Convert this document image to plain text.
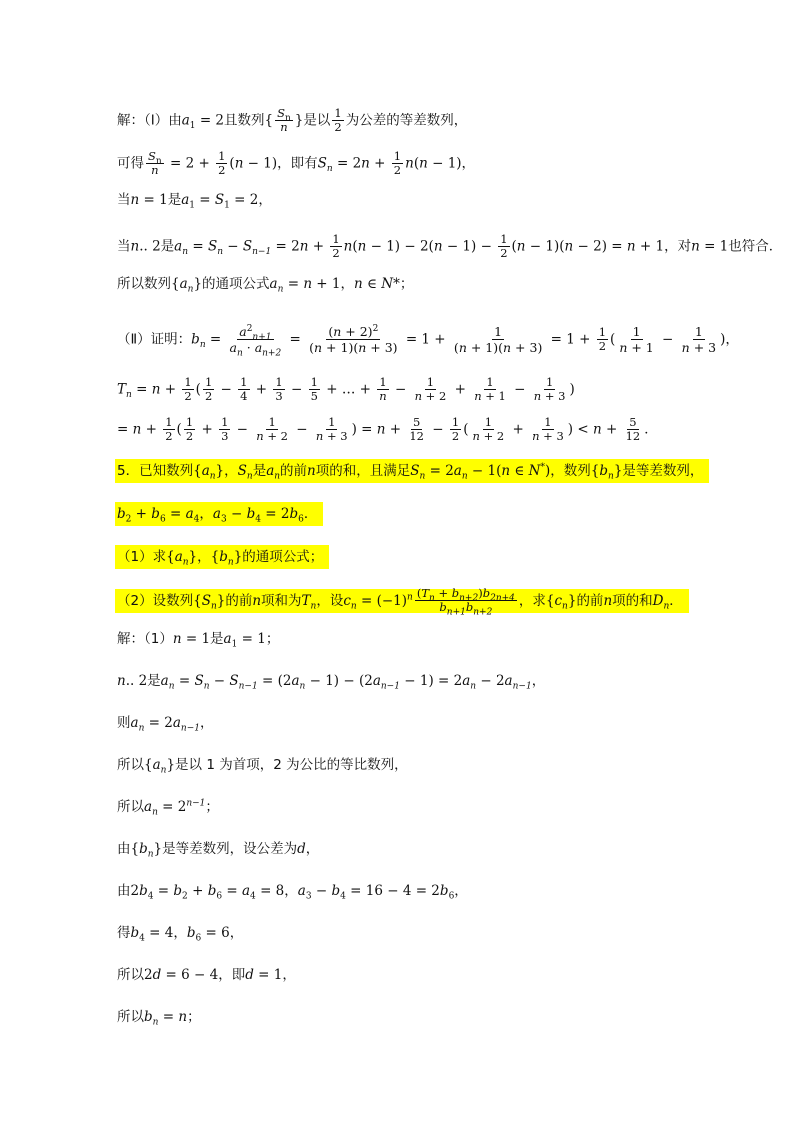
解：（Ⅰ）由$a_1 = 2$且数列{ $\frac{S_n}{n}$ }是以 $\frac{1}{2}$ 为公差的等差数列，
可得 $\frac{S_n}{n} = 2 + \frac{1}{2} (n - 1)$，即有$S_n = 2n + \frac{1}{2} n(n - 1)$，
当n = 1是$a_1 = S_1 = 2$，
当n.. 2是$a_n = S_n - S_{n-1} = 2n + \frac{1}{2} n(n - 1) - 2(n - 1) - \frac{1}{2} (n - 1)(n - 2) = n + 1$，对n = 1也符合．
所以数列$\{a_n\}$的通项公式$a_n = n + 1$，n ∈ N*；
（Ⅱ）证明：$b_n = \frac{a^2_{n+1}}{a_n \cdot a_{n+2}} = \frac{(n + 2)^2}{(n + 1)(n + 3)} = 1 + \frac{1}{(n + 1)(n + 3)} = 1 + \frac{1}{2}$ ( $\frac{1}{n + 1} - \frac{1}{n + 3}$ )，
$T_n = n + \frac{1}{2}$ ( $\frac{1}{2} - \frac{1}{4} + \frac{1}{3} - \frac{1}{5}$ + … + $\frac{1}{n} - \frac{1}{n + 2} + \frac{1}{n + 1} - \frac{1}{n + 3}$ )
= $n + \frac{1}{2}$ ( $\frac{1}{2} + \frac{1}{3} - \frac{1}{n + 2} - \frac{1}{n + 3}$ ) = $n + \frac{5}{12} - \frac{1}{2}$ ( $\frac{1}{n + 2} + \frac{1}{n + 3}$ ) < $n + \frac{5}{12}$ ．
5．已知数列$\{a_n\}$，$S_n$是$a_n$的前n项的和，且满足$S_n = 2a_n - 1(n$ ∈ N*)，数列$\{b_n\}$是等差数列，
$b_2 + b_6 = a_4$，$a_3 - b_4 = 2b_6$．
（1）求$\{a_n\}$，$\{b_n\}$的通项公式；
（2）设数列$\{S_n\}$的前n项和为$T_n$，设$c_n = (-1)^n \frac{(T_n + b_{n+2})b_{2n+4}}{b_{n+1}b_{n+2}}$ ，求$\{c_n\}$的前n项的和$D_n$．
解：（1）n = 1是$a_1 = 1$；
n.. 2是$a_n = S_n - S_{n-1} = (2a_n - 1) - (2a_{n-1} - 1) = 2a_n - 2a_{n-1}$，
则$a_n = 2a_{n-1}$，
所以$\{a_n\}$是以 1 为首项，2 为公比的等比数列，
所以$a_n = 2^{n-1}$；
由$\{b_n\}$是等差数列，设公差为d，
由$2b_4 = b_2 + b_6 = a_4 = 8$，$a_3 - b_4 = 16 - 4 = 2b_6$，
得$b_4 = 4$，$b_6 = 6$，
所以2d = 6 − 4，即d = 1，
所以$b_n = n$；
